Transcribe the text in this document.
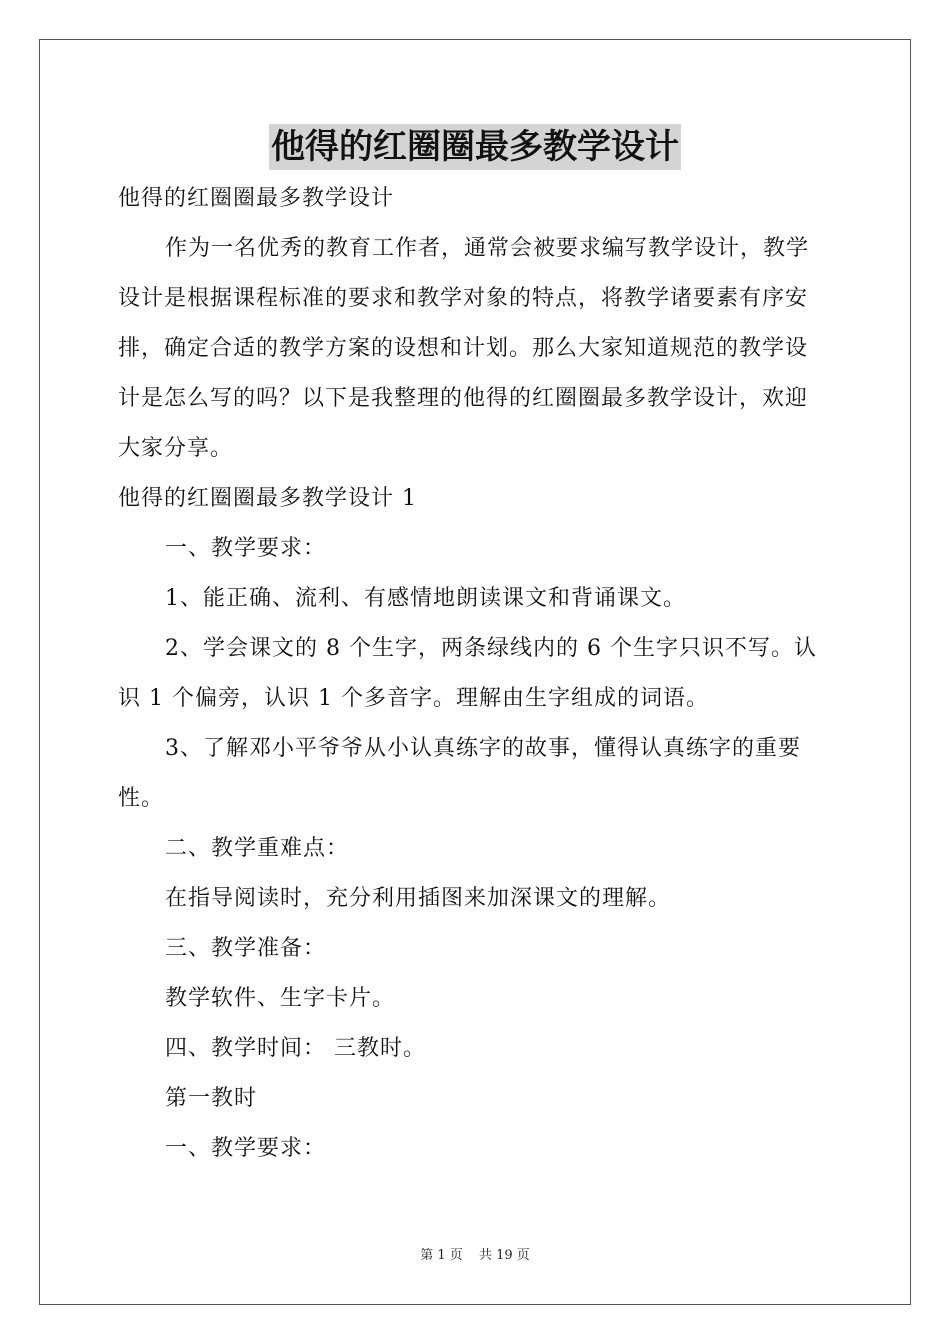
他得的红圈圈最多教学设计
他得的红圈圈最多教学设计
作为一名优秀的教育工作者，通常会被要求编写教学设计，教学
设计是根据课程标准的要求和教学对象的特点，将教学诸要素有序安
排，确定合适的教学方案的设想和计划。那么大家知道规范的教学设
计是怎么写的吗？以下是我整理的他得的红圈圈最多教学设计，欢迎
大家分享。
他得的红圈圈最多教学设计 1
一、教学要求：
1、能正确、流利、有感情地朗读课文和背诵课文。
2、学会课文的 8 个生字，两条绿线内的 6 个生字只识不写。认
识 1 个偏旁，认识 1 个多音字。理解由生字组成的词语。
3、了解邓小平爷爷从小认真练字的故事，懂得认真练字的重要
性。
二、教学重难点：
在指导阅读时，充分利用插图来加深课文的理解。
三、教学准备：
教学软件、生字卡片。
四、教学时间： 三教时。
第一教时
一、教学要求：
第 1 页 共 19 页
